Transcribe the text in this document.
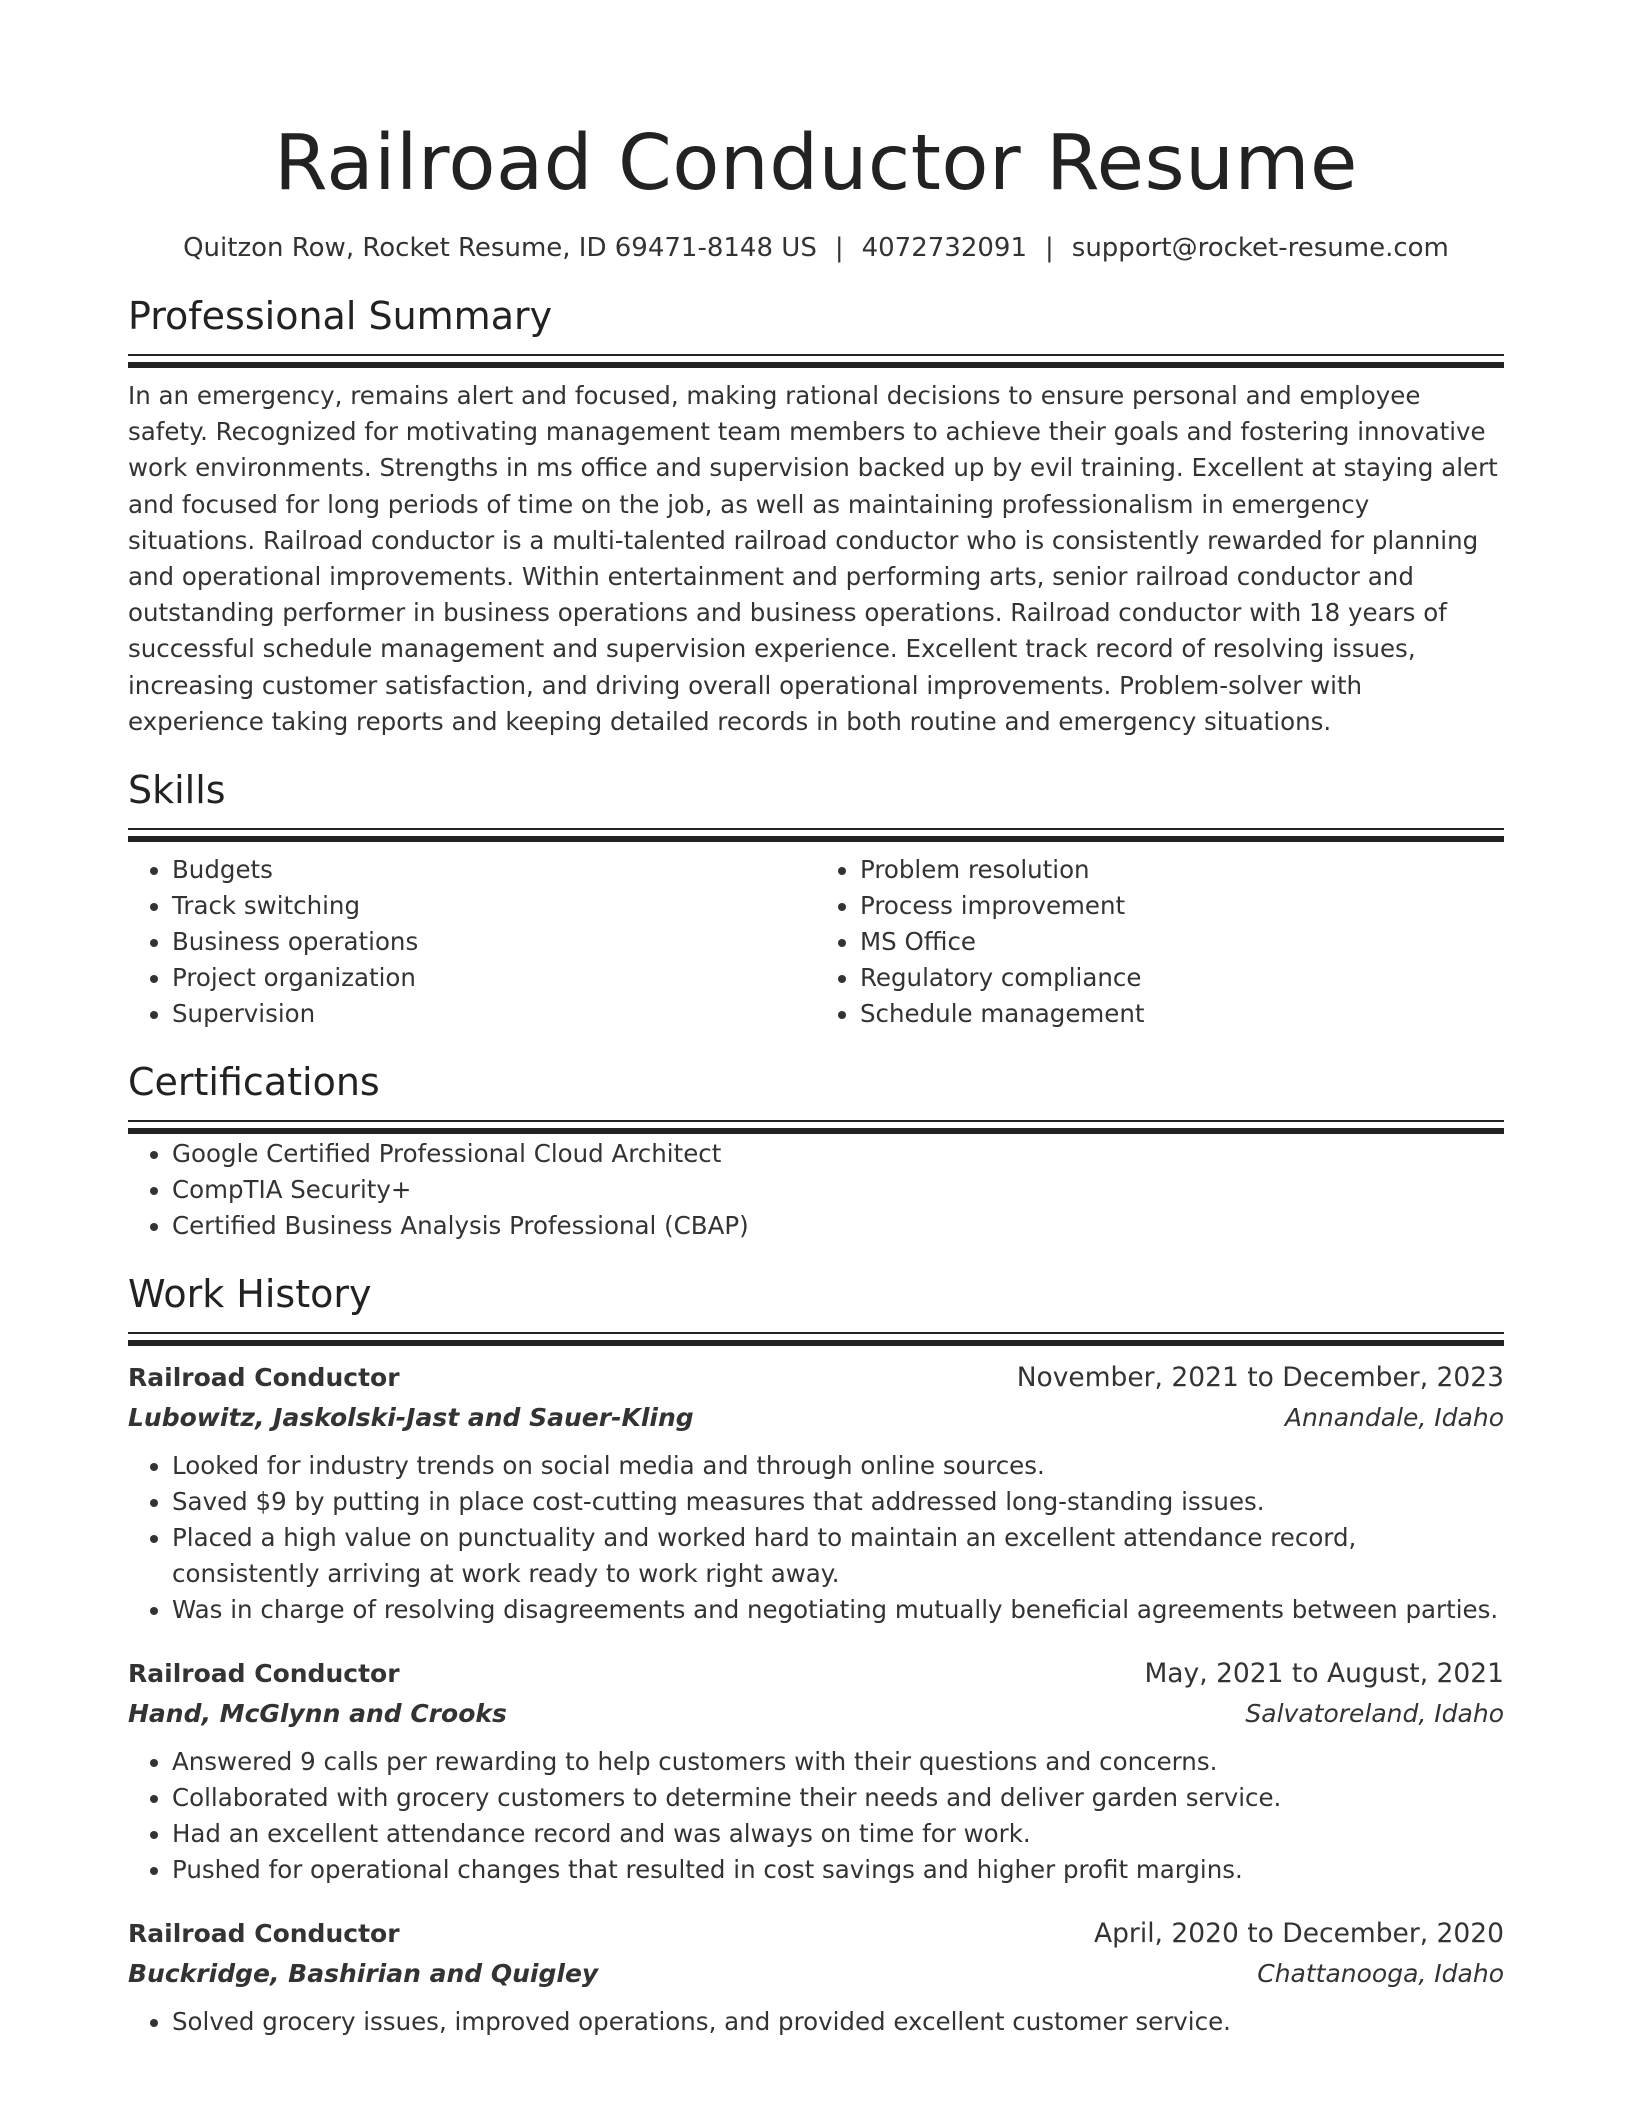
Railroad Conductor Resume
Quitzon Row, Rocket Resume, ID 69471-8148 US | 4072732091 | support@rocket-resume.com
Professional Summary

In an emergency, remains alert and focused, making rational decisions to ensure personal and employee safety. Recognized for motivating management team members to achieve their goals and fostering innovative work environments. Strengths in ms office and supervision backed up by evil training. Excellent at staying alert and focused for long periods of time on the job, as well as maintaining professionalism in emergency situations. Railroad conductor is a multi-talented railroad conductor who is consistently rewarded for planning and operational improvements. Within entertainment and performing arts, senior railroad conductor and outstanding performer in business operations and business operations. Railroad conductor with 18 years of successful schedule management and supervision experience. Excellent track record of resolving issues, increasing customer satisfaction, and driving overall operational improvements. Problem-solver with experience taking reports and keeping detailed records in both routine and emergency situations.

Skills
• Budgets
• Track switching
• Business operations
• Project organization
• Supervision
• Problem resolution
• Process improvement
• MS Office
• Regulatory compliance
• Schedule management
Certifications
• Google Certified Professional Cloud Architect
• CompTIA Security+
• Certified Business Analysis Professional (CBAP)
Work History
Railroad Conductor	November, 2021 to December, 2023
Lubowitz, Jaskolski-Jast and Sauer-Kling	Annandale, Idaho
• Looked for industry trends on social media and through online sources.
• Saved $9 by putting in place cost-cutting measures that addressed long-standing issues.
• Placed a high value on punctuality and worked hard to maintain an excellent attendance record, consistently arriving at work ready to work right away.
• Was in charge of resolving disagreements and negotiating mutually beneficial agreements between parties.
Railroad Conductor	May, 2021 to August, 2021
Hand, McGlynn and Crooks	Salvatoreland, Idaho
• Answered 9 calls per rewarding to help customers with their questions and concerns.
• Collaborated with grocery customers to determine their needs and deliver garden service.
• Had an excellent attendance record and was always on time for work.
• Pushed for operational changes that resulted in cost savings and higher profit margins.
Railroad Conductor	April, 2020 to December, 2020
Buckridge, Bashirian and Quigley	Chattanooga, Idaho
• Solved grocery issues, improved operations, and provided excellent customer service.
